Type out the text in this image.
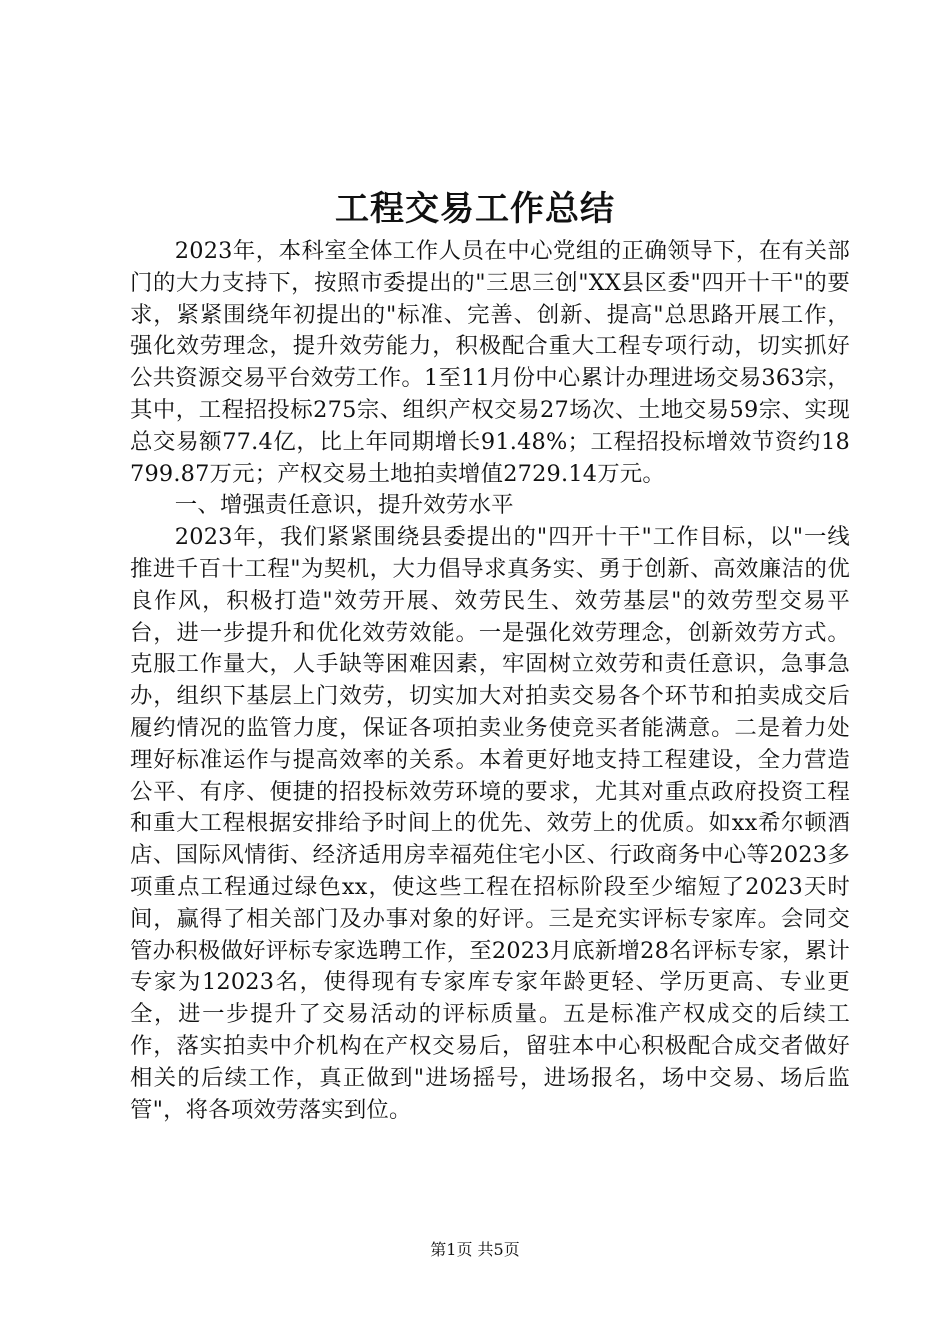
工程交易工作总结

2023年，本科室全体工作人员在中心党组的正确领导下，在有关部门的大力支持下，按照市委提出的"三思三创"XX县区委"四开十干"的要求，紧紧围绕年初提出的"标准、完善、创新、提高"总思路开展工作，强化效劳理念，提升效劳能力，积极配合重大工程专项行动，切实抓好公共资源交易平台效劳工作。1至11月份中心累计办理进场交易363宗，其中，工程招投标275宗、组织产权交易27场次、土地交易59宗、实现总交易额77.4亿，比上年同期增长91.48%；工程招投标增效节资约18799.87万元；产权交易土地拍卖增值2729.14万元。

一、增强责任意识，提升效劳水平

2023年，我们紧紧围绕县委提出的"四开十干"工作目标，以"一线推进千百十工程"为契机，大力倡导求真务实、勇于创新、高效廉洁的优良作风，积极打造"效劳开展、效劳民生、效劳基层"的效劳型交易平台，进一步提升和优化效劳效能。一是强化效劳理念，创新效劳方式。克服工作量大，人手缺等困难因素，牢固树立效劳和责任意识，急事急办，组织下基层上门效劳，切实加大对拍卖交易各个环节和拍卖成交后履约情况的监管力度，保证各项拍卖业务使竞买者能满意。二是着力处理好标准运作与提高效率的关系。本着更好地支持工程建设，全力营造公平、有序、便捷的招投标效劳环境的要求，尤其对重点政府投资工程和重大工程根据安排给予时间上的优先、效劳上的优质。如xx希尔顿酒店、国际风情街、经济适用房幸福苑住宅小区、行政商务中心等2023多项重点工程通过绿色xx，使这些工程在招标阶段至少缩短了2023天时间，赢得了相关部门及办事对象的好评。三是充实评标专家库。会同交管办积极做好评标专家选聘工作，至2023月底新增28名评标专家，累计专家为12023名，使得现有专家库专家年龄更轻、学历更高、专业更全，进一步提升了交易活动的评标质量。五是标准产权成交的后续工作，落实拍卖中介机构在产权交易后，留驻本中心积极配合成交者做好相关的后续工作，真正做到"进场摇号，进场报名，场中交易、场后监管"，将各项效劳落实到位。

第1页 共5页
